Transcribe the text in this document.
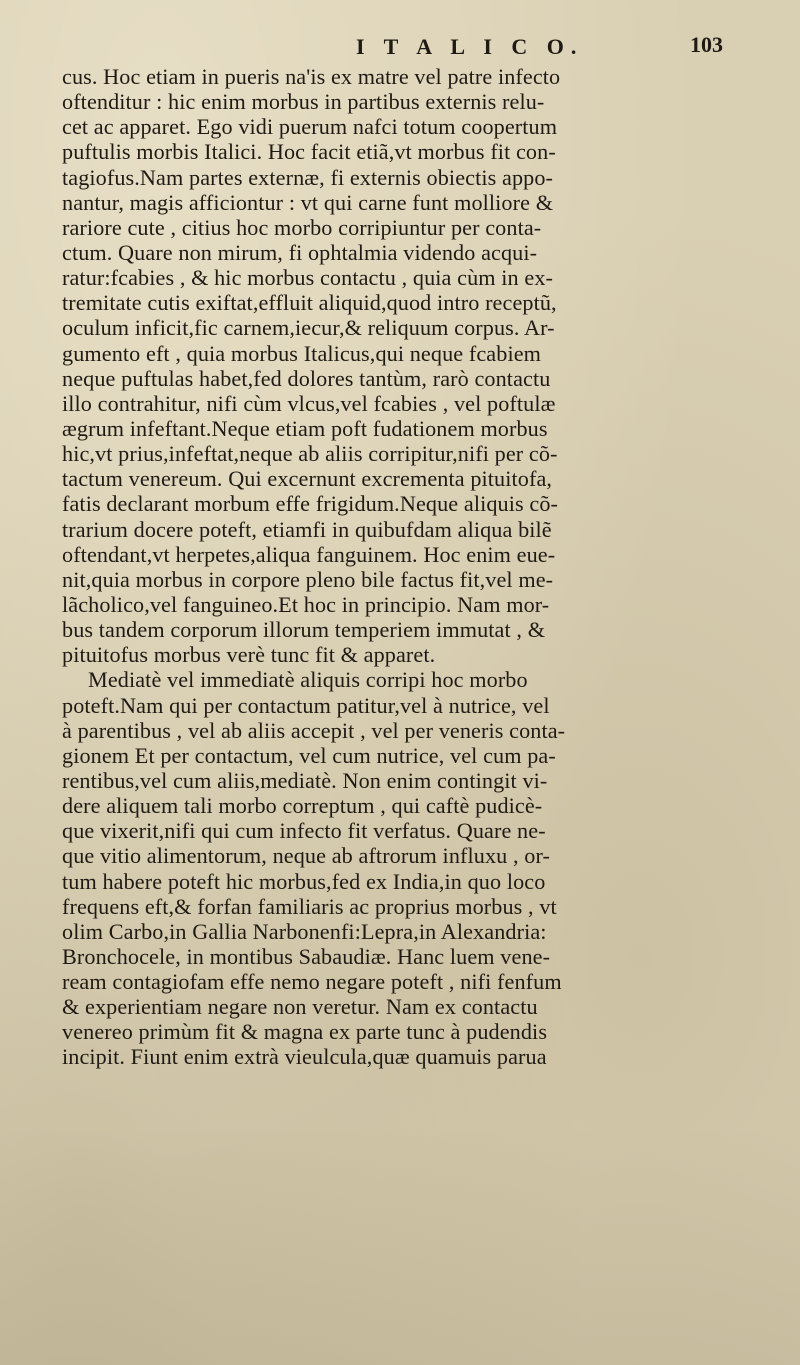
I T A L I C O.	103
cus. Hoc etiam in pueris na'is ex matre vel patre infecto
oftenditur : hic enim morbus in partibus externis relu-
cet ac apparet. Ego vidi puerum nafci totum coopertum
puftulis morbis Italici. Hoc facit etiã,vt morbus fit con-
tagiofus.Nam partes externæ, fi externis obiectis appo-
nantur, magis afficiontur : vt qui carne funt molliore &
rariore cute , citius hoc morbo corripiuntur per conta-
ctum. Quare non mirum, fi ophtalmia videndo acqui-
ratur:fcabies , & hic morbus contactu , quia cùm in ex-
tremitate cutis exiftat,effluit aliquid,quod intro receptũ,
oculum inficit,fic carnem,iecur,& reliquum corpus. Ar-
gumento eft , quia morbus Italicus,qui neque fcabiem
neque puftulas habet,fed dolores tantùm, rarò contactu
illo contrahitur, nifi cùm vlcus,vel fcabies , vel poftulæ
ægrum infeftant.Neque etiam poft fudationem morbus
hic,vt prius,infeftat,neque ab aliis corripitur,nifi per cõ-
tactum venereum. Qui excernunt excrementa pituitofa,
fatis declarant morbum effe frigidum.Neque aliquis cõ-
trarium docere poteft, etiamfi in quibufdam aliqua bilẽ
oftendant,vt herpetes,aliqua fanguinem. Hoc enim eue-
nit,quia morbus in corpore pleno bile factus fit,vel me-
lãcholico,vel fanguineo.Et hoc in principio. Nam mor-
bus tandem corporum illorum temperiem immutat , &
pituitofus morbus verè tunc fit & apparet.
Mediatè vel immediatè aliquis corripi hoc morbo
poteft.Nam qui per contactum patitur,vel à nutrice, vel
à parentibus , vel ab aliis accepit , vel per veneris conta-
gionem Et per contactum, vel cum nutrice, vel cum pa-
rentibus,vel cum aliis,mediatè. Non enim contingit vi-
dere aliquem tali morbo correptum , qui caftè pudicè-
que vixerit,nifi qui cum infecto fit verfatus. Quare ne-
que vitio alimentorum, neque ab aftrorum influxu , or-
tum habere poteft hic morbus,fed ex India,in quo loco
frequens eft,& forfan familiaris ac proprius morbus , vt
olim Carbo,in Gallia Narbonenfi:Lepra,in Alexandria:
Bronchocele, in montibus Sabaudiæ. Hanc luem vene-
ream contagiofam effe nemo negare poteft , nifi fenfum
& experientiam negare non veretur. Nam ex contactu
venereo primùm fit & magna ex parte tunc à pudendis
incipit. Fiunt enim extrà vieulcula,quæ quamuis parua
